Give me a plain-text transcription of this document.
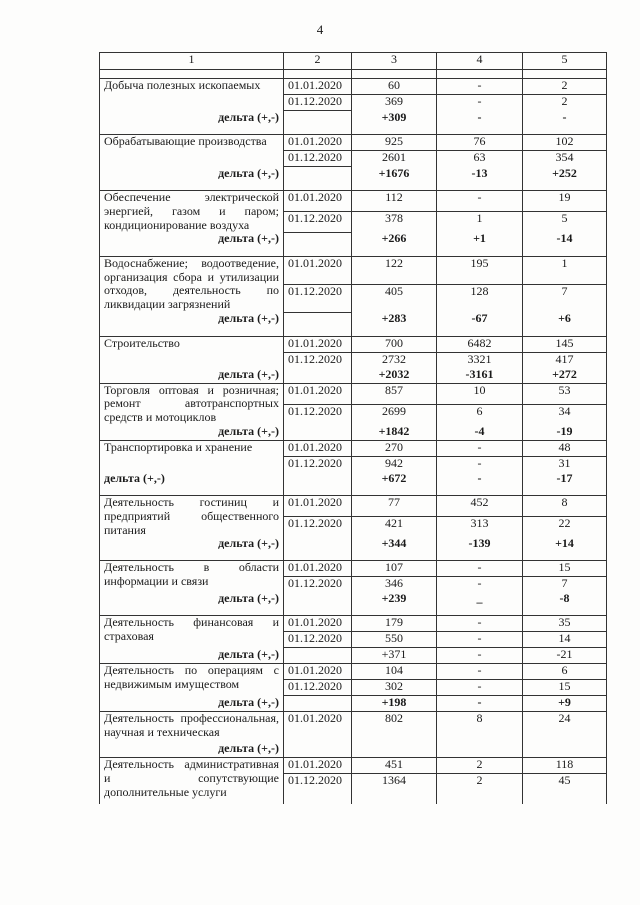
4
1	2	3	4	5

Добыча полезных ископаемых	01.01.2020	60	-	2
	01.12.2020	369	-	2
дельта (+,-)		+309	-	-

Обрабатывающие производства	01.01.2020	925	76	102
	01.12.2020	2601	63	354
дельта (+,-)		+1676	-13	+252

Обеспечение электрической энергией, газом и паром; кондиционирование воздуха	01.01.2020	112	-	19
	01.12.2020	378	1	5
дельта (+,-)		+266	+1	-14

Водоснабжение; водоотведение, организация сбора и утилизации отходов, деятельность по ликвидации загрязнений	01.01.2020	122	195	1
	01.12.2020	405	128	7
дельта (+,-)		+283	-67	+6

Строительство	01.01.2020	700	6482	145
	01.12.2020	2732	3321	417
дельта (+,-)		+2032	-3161	+272
Торговля оптовая и розничная; ремонт автотранспортных средств и мотоциклов	01.01.2020	857	10	53
	01.12.2020	2699	6	34
дельта (+,-)		+1842	-4	-19
Транспортировка и хранение	01.01.2020	270	-	48
	01.12.2020	942	-	31
дельта (+,-)		+672	-	-17

Деятельность гостиниц и предприятий общественного питания	01.01.2020	77	452	8
	01.12.2020	421	313	22
дельта (+,-)		+344	-139	+14

Деятельность в области информации и связи	01.01.2020	107	-	15
	01.12.2020	346	-	7
дельта (+,-)		+239	_	-8

Деятельность финансовая и страховая	01.01.2020	179	-	35
	01.12.2020	550	-	14
дельта (+,-)		+371	-	-21
Деятельность по операциям с недвижимым имуществом	01.01.2020	104	-	6
	01.12.2020	302	-	15
дельта (+,-)		+198	-	+9
Деятельность профессиональная, научная и техническая	01.01.2020	802	8	24

дельта (+,-)				
Деятельность административная и сопутствующие дополнительные услуги	01.01.2020	451	2	118
	01.12.2020	1364	2	45
